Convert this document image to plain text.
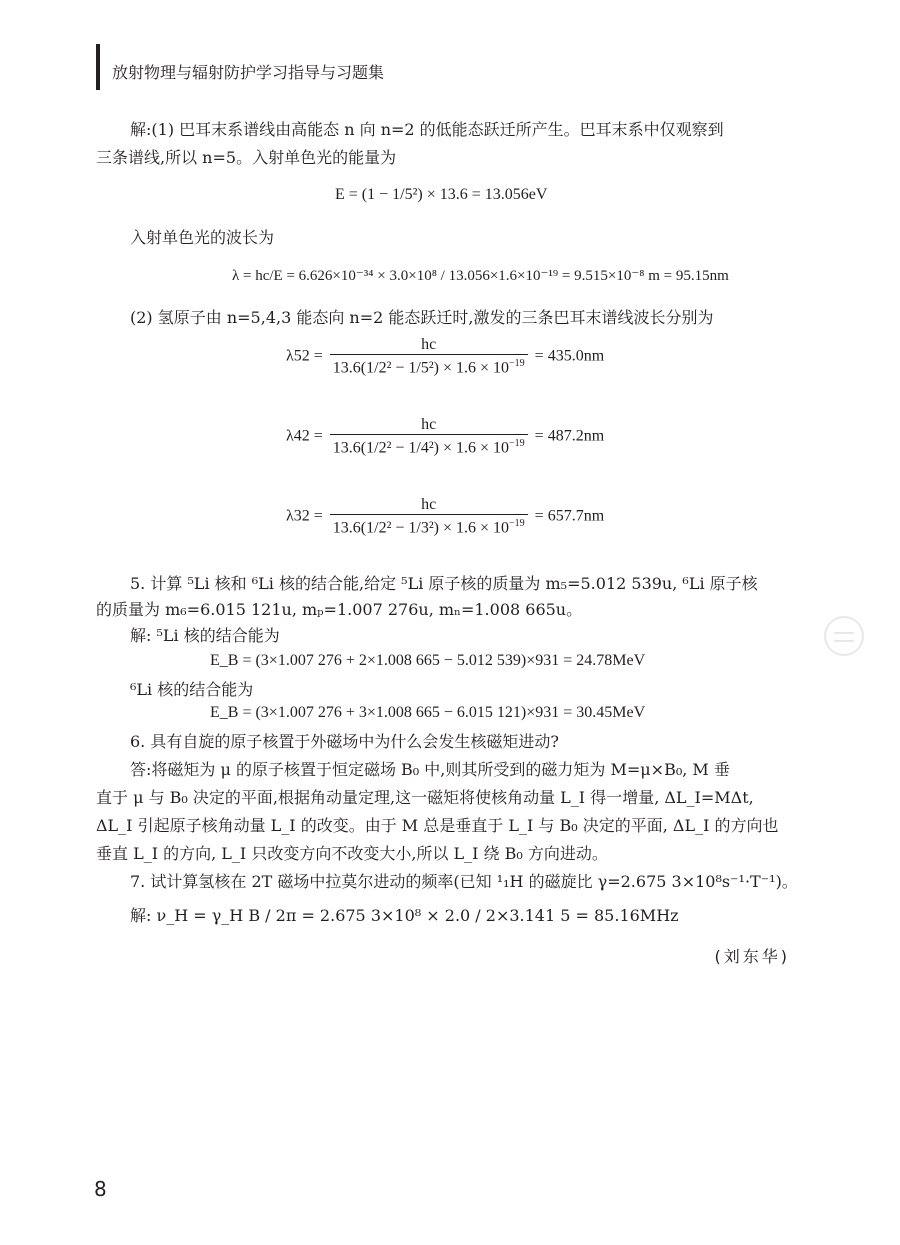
放射物理与辐射防护学习指导与习题集
解:(1) 巴耳末系谱线由高能态 n 向 n=2 的低能态跃迁所产生。巴耳末系中仅观察到
三条谱线,所以 n=5。入射单色光的能量为
E = (1 − 1/5²) × 13.6 = 13.056eV
入射单色光的波长为
λ = hc/E = 6.626×10⁻³⁴ × 3.0×10⁸ / 13.056×1.6×10⁻¹⁹ = 9.515×10⁻⁸ m = 95.15nm
(2) 氢原子由 n=5,4,3 能态向 n=2 能态跃迁时,激发的三条巴耳末谱线波长分别为
$\lambda 52 = \frac{hc}{13.6(1/2^2 - 1/5^2) \times 1.6 \times 10^{-19}} = 435.0nm$
$\lambda 42 = \frac{hc}{13.6(1/2^2 - 1/4^2) \times 1.6 \times 10^{-19}} = 487.2nm$
$\lambda 32 = \frac{hc}{13.6(1/2^2 - 1/3^2) \times 1.6 \times 10^{-19}} = 657.7nm$
5. 计算 ⁵Li 核和 ⁶Li 核的结合能,给定 ⁵Li 原子核的质量为 m₅=5.012 539u, ⁶Li 原子核
的质量为 m₆=6.015 121u, mₚ=1.007 276u, mₙ=1.008 665u。
解: ⁵Li 核的结合能为
E_B = (3×1.007 276 + 2×1.008 665 − 5.012 539)×931 = 24.78MeV
⁶Li 核的结合能为
E_B = (3×1.007 276 + 3×1.008 665 − 6.015 121)×931 = 30.45MeV
6. 具有自旋的原子核置于外磁场中为什么会发生核磁矩进动?
答:将磁矩为 μ 的原子核置于恒定磁场 B₀ 中,则其所受到的磁力矩为 M=μ×B₀, M 垂
直于 μ 与 B₀ 决定的平面,根据角动量定理,这一磁矩将使核角动量 L_I 得一增量, ΔL_I=MΔt,
ΔL_I 引起原子核角动量 L_I 的改变。由于 M 总是垂直于 L_I 与 B₀ 决定的平面, ΔL_I 的方向也
垂直 L_I 的方向, L_I 只改变方向不改变大小,所以 L_I 绕 B₀ 方向进动。
7. 试计算氢核在 2T 磁场中拉莫尔进动的频率(已知 ¹₁H 的磁旋比 γ=2.675 3×10⁸s⁻¹·T⁻¹)。
解: ν_H = γ_H B / 2π = 2.675 3×10⁸ × 2.0 / 2×3.141 5 = 85.16MHz
(刘东华)
8
